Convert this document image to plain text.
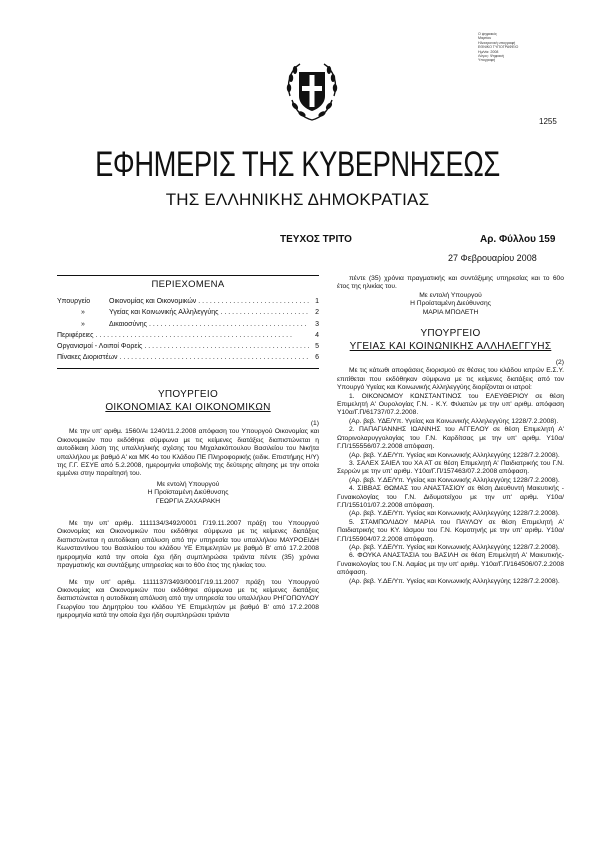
Ο ψηφιακός
Μαρτίου
Ηλεκτρονική υπογραφή
ΕΘΝΙΚΟ ΤΥΠΟΓΡΑΦΕΙΟ
Ημ/νία: 2008
Λόγος: Ψηφιακή
Υπογραφή
1255
ΕΦΗΜΕΡΙΣ ΤΗΣ ΚΥΒΕΡΝΗΣΕΩΣ
ΤΗΣ ΕΛΛΗΝΙΚΗΣ ΔΗΜΟΚΡΑΤΙΑΣ
ΤΕΥΧΟΣ ΤΡΙΤΟ	Αρ. Φύλλου 159
27 Φεβρουαρίου 2008
ΠΕΡΙΕΧΟΜΕΝΑ
Υπουργείο	Οικονομίας και Οικονομικών . . .	1
»	Υγείας και Κοινωνικής Αλληλεγγύης . . .	2
»	Δικαιοσύνης . . .	3
Περιφέρειες . . .	4
Οργανισμοί - Λοιποί Φορείς . . .	5
Πίνακες Διοριστέων . . .	6
ΥΠΟΥΡΓΕΙΟ
ΟΙΚΟΝΟΜΙΑΣ ΚΑΙ ΟΙΚΟΝΟΜΙΚΩΝ
(1)

Με την υπ' αριθμ. 1560/Αι 1240/11.2.2008 απόφαση του Υπουργού Οικονομίας και Οικονομικών που εκδόθηκε σύμφωνα με τις κείμενες διατάξεις διαπιστώνεται η αυτοδίκαιη λύση της υπαλληλικής σχέσης του Μιχαλακόπουλου Βασιλείου του Νικήτα υπαλλήλου με βαθμό Α' και ΜΚ 4ο του Κλάδου ΠΕ Πληροφορικής (ειδικ. Επιστήμης Η/Υ) της Γ.Γ. ΕΣΥΕ από 5.2.2008, ημερομηνία υποβολής της δεύτερης αίτησης με την οποία εμμένει στην παραίτησή του.

Με εντολή Υπουργού
Η Προϊσταμένη Διεύθυνσης
ΓΕΩΡΓΙΑ ΖΑΧΑΡΑΚΗ

Με την υπ' αριθμ. 1111134/3492/0001 Γ/19.11.2007 πράξη του Υπουργού Οικονομίας και Οικονομικών που εκδόθηκε σύμφωνα με τις κείμενες διατάξεις διαπιστώνεται η αυτοδίκαιη απόλυση από την υπηρεσία του υπαλλήλου ΜΑΥΡΟΕΙΔΗ Κωνσταντίνου του Βασιλείου του κλάδου ΥΕ Επιμελητών με βαθμό Β' από 17.2.2008 ημερομηνία κατά την οποία έχει ήδη συμπληρώσει τριάντα πέντε (35) χρόνια πραγματικής και συντάξιμης υπηρεσίας και το 60ο έτος της ηλικίας του.

Με την υπ' αριθμ. 1111137/3493/0001Γ/19.11.2007 πράξη του Υπουργού Οικονομίας και Οικονομικών που εκδόθηκε σύμφωνα με τις κείμενες διατάξεις διαπιστώνεται η αυτοδίκαιη απόλυση από την υπηρεσία του υπαλλήλου ΡΗΓΟΠΟΥΛΟΥ Γεωργίου του Δημητρίου του κλάδου ΥΕ Επιμελητών με βαθμό Β' από 17.2.2008 ημερομηνία κατά την οποία έχει ήδη συμπληρώσει τριάντα

πέντε (35) χρόνια πραγματικής και συντάξιμης υπηρεσίας και το 60ο έτος της ηλικίας του.

Με εντολή Υπουργού
Η Προϊσταμένη Διεύθυνσης
ΜΑΡΙΑ ΜΠΟΛΕΤΗ
ΥΠΟΥΡΓΕΙΟ
ΥΓΕΙΑΣ ΚΑΙ ΚΟΙΝΩΝΙΚΗΣ ΑΛΛΗΛΕΓΓΥΗΣ
(2)

Με τις κάτωθι αποφάσεις διορισμού σε θέσεις του κλάδου ιατρών Ε.Σ.Υ. επιτίθεται που εκδόθηκαν σύμφωνα με τις κείμενες διατάξεις από τον Υπουργό Υγείας και Κοινωνικής Αλληλεγγύης διορίζονται οι ιατροί:

1. ΟΙΚΟΝΟΜΟΥ ΚΩΝΣΤΑΝΤΙΝΟΣ του ΕΛΕΥΘΕΡΙΟΥ σε θέση Επιμελητή Α' Ουρολογίας Γ.Ν. - Κ.Υ. Φιλιατών με την υπ' αριθμ. απόφαση Υ10α/Γ.Π/61737/07.2.2008.

(Αρ. βεβ. ΥΔΕ/Υπ. Υγείας και Κοινωνικής Αλληλεγγύης 1228/7.2.2008).

2. ΠΑΠΑΓΙΑΝΝΗΣ ΙΩΑΝΝΗΣ του ΑΓΓΕΛΟΥ σε θέση Επιμελητή Α' Ωτορινολαρυγγολογίας του Γ.Ν. Καρδίτσας με την υπ' αριθμ. Υ10α/Γ.Π/155556/07.2.2008 απόφαση.

(Αρ. βεβ. Υ.ΔΕ/Υπ. Υγείας και Κοινωνικής Αλληλεγγύης 1228/7.2.2008).

3. ΣΑΛΕΧ ΣΑΙΕΛ του ΧΑ ΑΤ σε θέση Επιμελητή Α' Παιδιατρικής του Γ.Ν. Σερρών με την υπ' αριθμ. Υ10α/Γ.Π/157463/07.2.2008 απόφαση.

(Αρ. βεβ. Υ.ΔΕ/Υπ. Υγείας και Κοινωνικής Αλληλεγγύης 1228/7.2.2008).

4. ΣΙΒΒΑΣ ΘΩΜΑΣ του ΑΝΑΣΤΑΣΙΟΥ σε θέση Διευθυντή Μαιευτικής - Γυναικολογίας του Γ.Ν. Διδυμοτείχου με την υπ' αριθμ. Υ10α/Γ.Π/155101/07.2.2008 απόφαση.

(Αρ. βεβ. Υ.ΔΕ/Υπ. Υγείας και Κοινωνικής Αλληλεγγύης 1228/7.2.2008).

5. ΣΤΑΜΠΟΛΙΔΟΥ ΜΑΡΙΑ του ΠΑΥΛΟΥ σε θέση Επιμελητή Α' Παιδιατρικής του ΚΥ. Ιάσμου του Γ.Ν. Κομοτηνής με την υπ' αριθμ. Υ10α/Γ.Π/155904/07.2.2008 απόφαση.

(Αρ. βεβ. Υ.ΔΕ/Υπ. Υγείας και Κοινωνικής Αλληλεγγύης 1228/7.2.2008).

6. ΦΟΥΚΑ ΑΝΑΣΤΑΣΙΑ του ΒΑΣΙΛΗ σε θέση Επιμελητή Α' Μαιευτικής-Γυναικολογίας του Γ.Ν. Λαμίας με την υπ' αριθμ. Υ10α/Γ.Π/164506/07.2.2008 απόφαση.

(Αρ. βεβ. Υ.ΔΕ/Υπ. Υγείας και Κοινωνικής Αλληλεγγύης 1228/7.2.2008).
